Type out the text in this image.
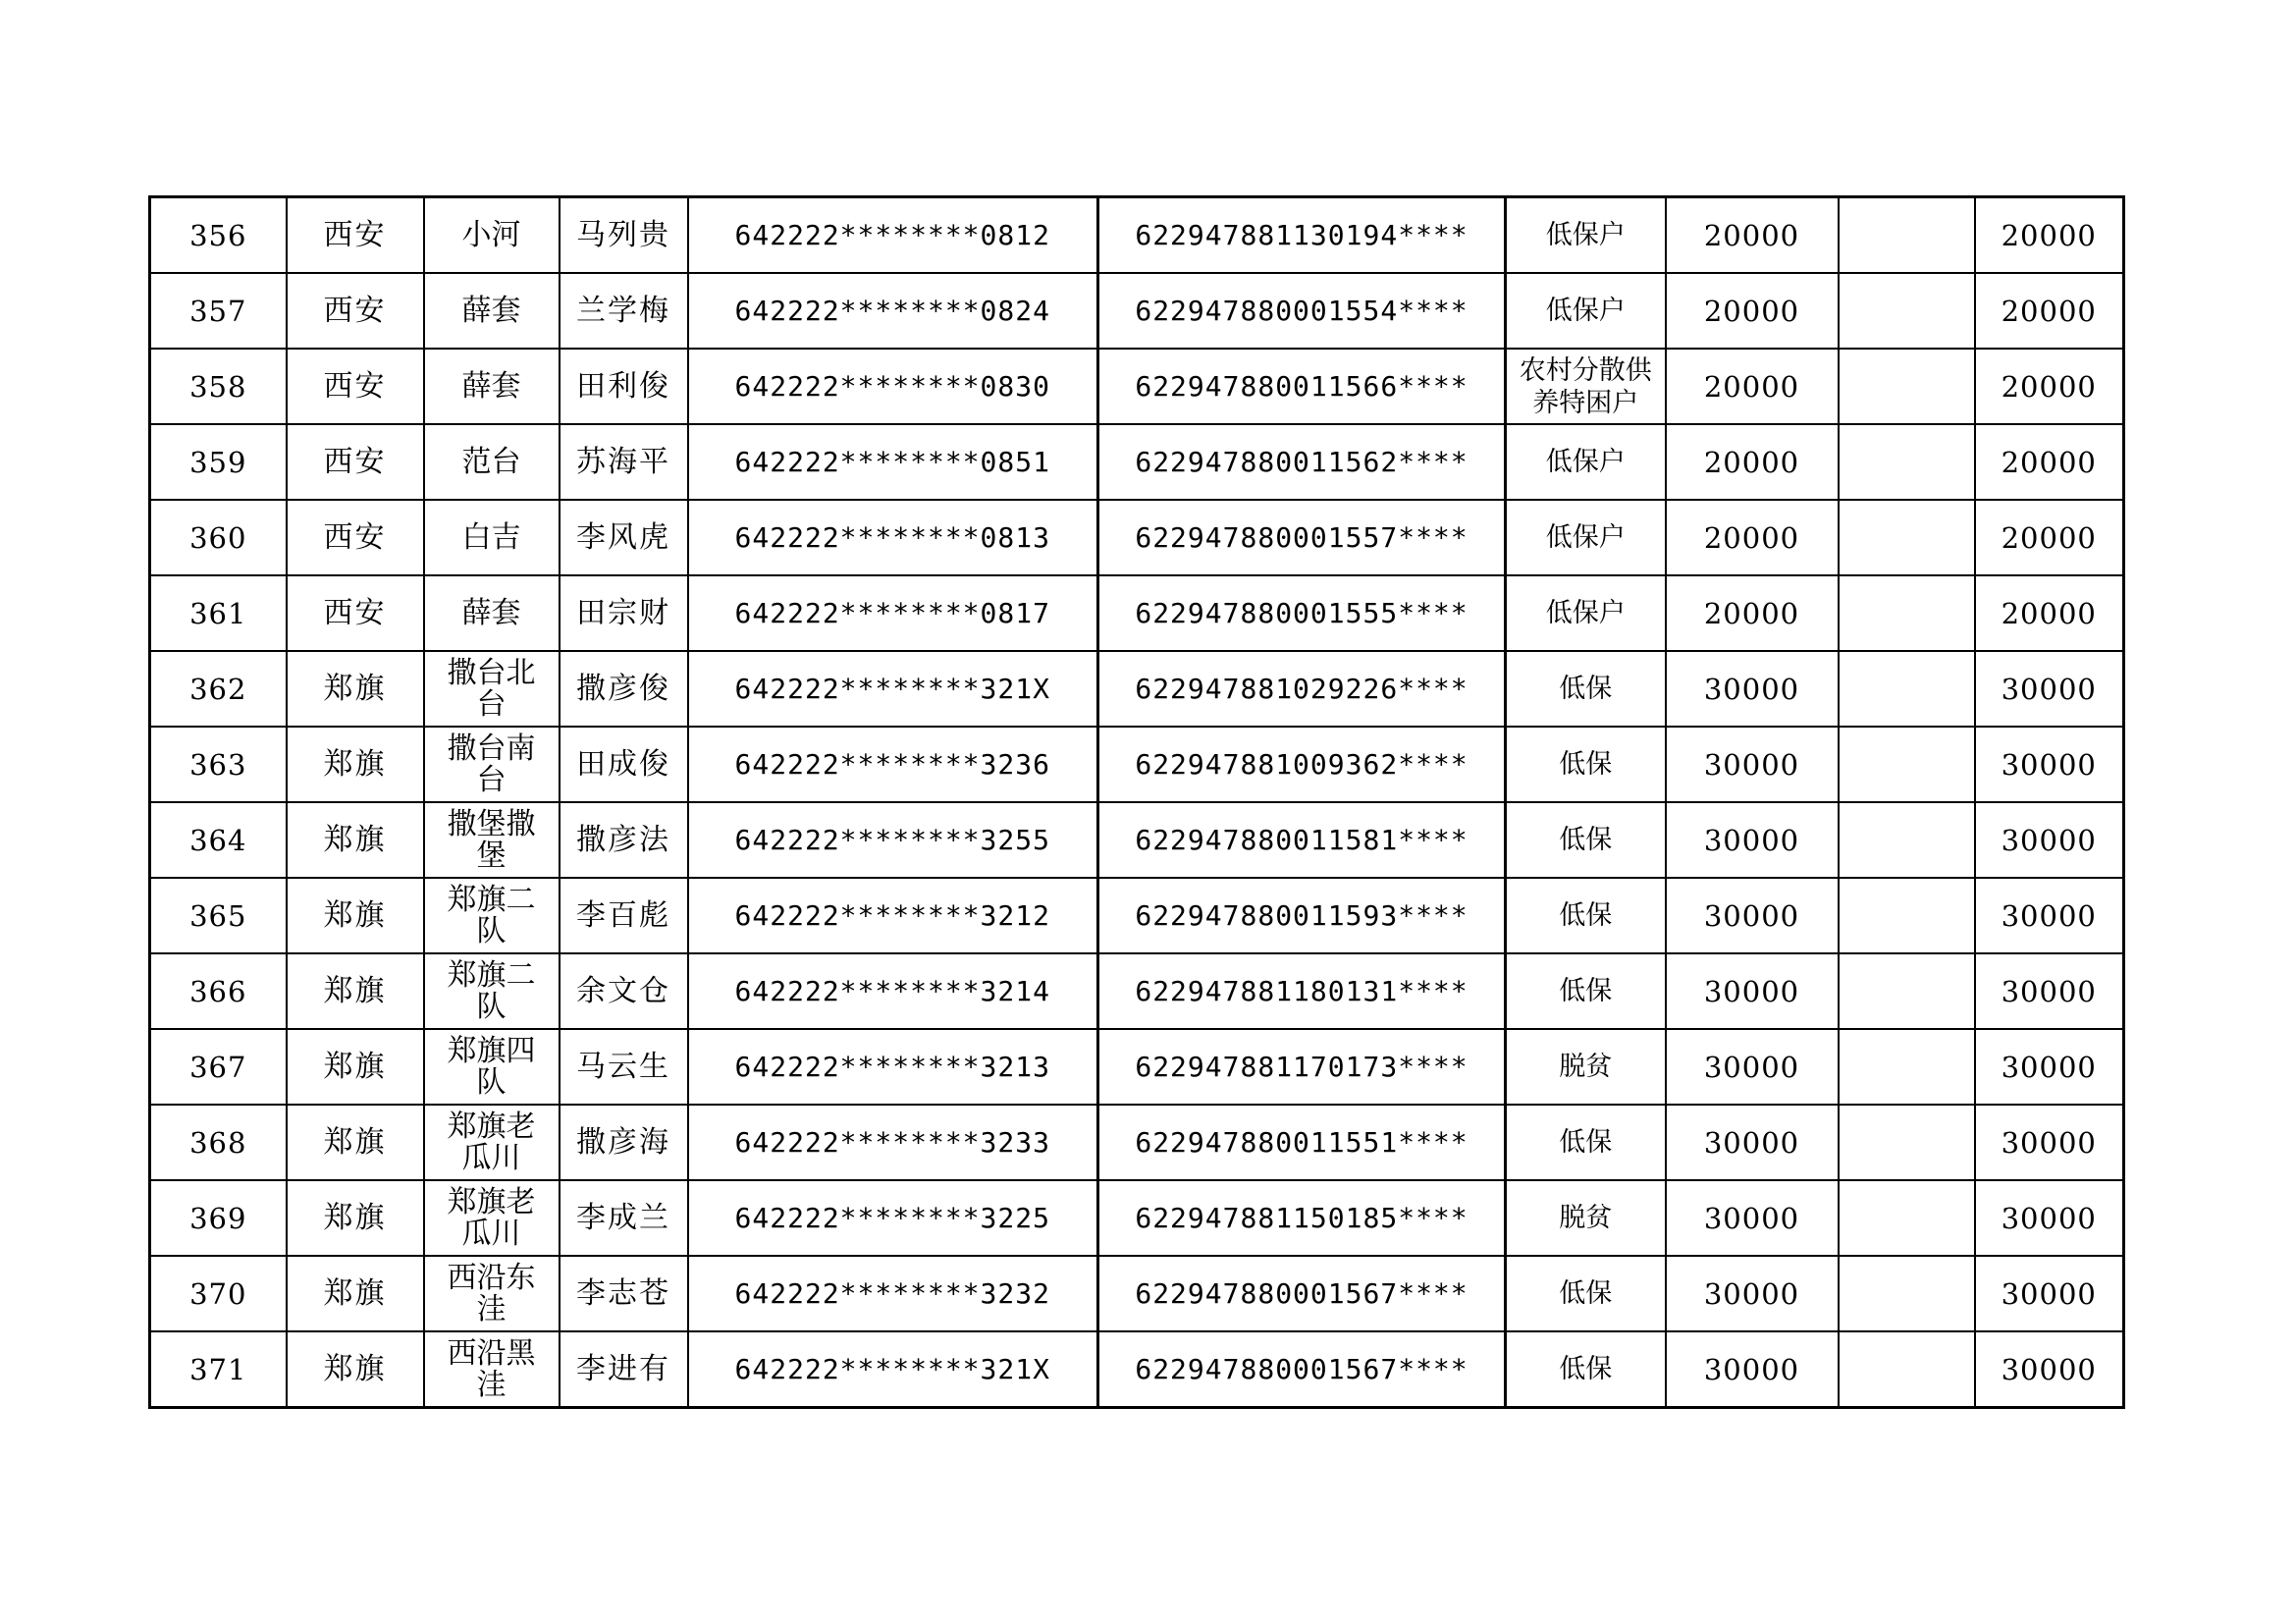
356	西安	小河	马列贵	642222********0812	622947881130194****	低保户	20000		20000
357	西安	薛套	兰学梅	642222********0824	622947880001554****	低保户	20000		20000
358	西安	薛套	田利俊	642222********0830	622947880011566****	农村分散供养特困户	20000		20000
359	西安	范台	苏海平	642222********0851	622947880011562****	低保户	20000		20000
360	西安	白吉	李风虎	642222********0813	622947880001557****	低保户	20000		20000
361	西安	薛套	田宗财	642222********0817	622947880001555****	低保户	20000		20000
362	郑旗	撒台北台	撒彦俊	642222********321X	622947881029226****	低保	30000		30000
363	郑旗	撒台南台	田成俊	642222********3236	622947881009362****	低保	30000		30000
364	郑旗	撒堡撒堡	撒彦法	642222********3255	622947880011581****	低保	30000		30000
365	郑旗	郑旗二队	李百彪	642222********3212	622947880011593****	低保	30000		30000
366	郑旗	郑旗二队	余文仓	642222********3214	622947881180131****	低保	30000		30000
367	郑旗	郑旗四队	马云生	642222********3213	622947881170173****	脱贫	30000		30000
368	郑旗	郑旗老瓜川	撒彦海	642222********3233	622947880011551****	低保	30000		30000
369	郑旗	郑旗老瓜川	李成兰	642222********3225	622947881150185****	脱贫	30000		30000
370	郑旗	西沿东洼	李志苍	642222********3232	622947880001567****	低保	30000		30000
371	郑旗	西沿黑洼	李进有	642222********321X	622947880001567****	低保	30000		30000
